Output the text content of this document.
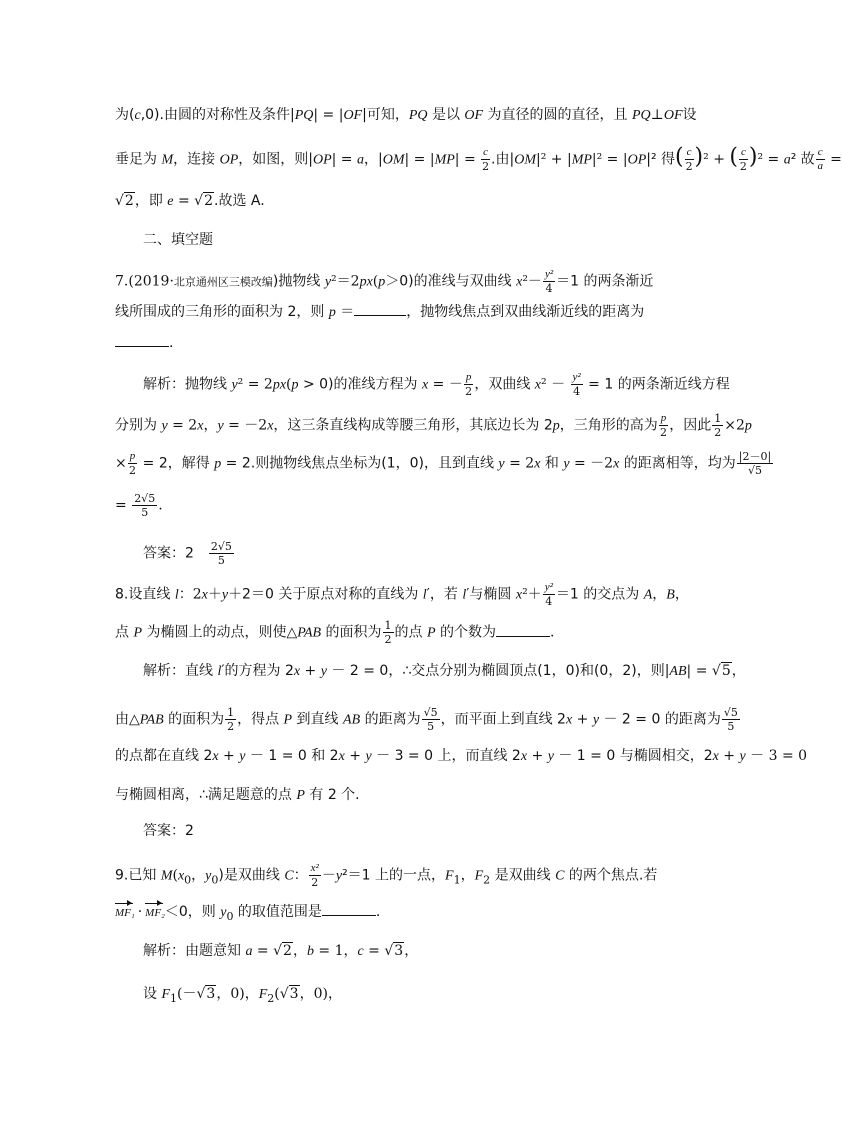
为(c,0).由圆的对称性及条件|PQ| = |OF|可知，PQ 是以 OF 为直径的圆的直径，且 PQ⊥OF设
垂足为 M，连接 OP，如图，则|OP| = a，$|OM| = |MP| = \frac{c}{2}$ .由|OM|² + |MP|² = |OP|² 得( $\frac{c}{2} )^2$ + ( $\frac{c}{2} )^2 = a^2$ 故 $\frac{c}{a}$ =
√2，即 e = √2.故选 A.
二、填空题
7.(2019·北京通州区三模改编)抛物线 y²＝2px(p＞0)的准线与双曲线 $x^2- \frac{\text{y²}}{4} =1$ 的两条渐近
线所围成的三角形的面积为 2，则 p ＝	，抛物线焦点到双曲线渐近线的距离为
.
解析：抛物线 y² = 2px(p > 0)的准线方程为 x = － $\frac{p}{2}$ ，双曲线 $x^2 - \frac{\text{y²}}{4} = 1$ 的两条渐近线方程
分别为 y = 2x，y = －2x，这三条直线构成等腰三角形，其底边长为 2p，三角形的高为 $\frac{p}{2}$ ，因此 $\frac{1}{2} \times 2p$
× $\frac{p}{2} = 2$，解得 p = 2.则抛物线焦点坐标为(1，0)，且到直线 y = 2x 和 y = －2x 的距离相等，均为 $\frac{|2-0|}{√5}$
= $\frac{2√5}{5}$ .
答案：2　 $\frac{2√5}{5}$
8.设直线 l：2x＋y＋2＝0 关于原点对称的直线为 l′，若 l′与椭圆 $x^2+ \frac{\text{y²}}{4} =1$ 的交点为 A，B，
点 P 为椭圆上的动点，则使△PAB 的面积为 $\frac{1}{2}$ 的点 P 的个数为	.
解析：直线 l′的方程为 2x + y － 2 = 0，∴交点分别为椭圆顶点(1，0)和(0，2)，则|AB| = √5，
由△PAB 的面积为 $\frac{1}{2}$ ，得点 P 到直线 AB 的距离为 $\frac{√5}{5}$ ，而平面上到直线 2x + y － 2 = 0 的距离为 $\frac{√5}{5}$
的点都在直线 2x + y － 1 = 0 和 2x + y － 3 = 0 上，而直线 2x + y － 1 = 0 与椭圆相交，2x + y － 3 = 0
与椭圆相离，∴满足题意的点 P 有 2 个.
答案：2
9.已知 $M(x_0$，$y_0$)是双曲线 C： $\frac{\text{x²}}{2} -y^2=1$ 上的一点，$F_1$，$F_2$ 是双曲线 C 的两个焦点.若
MF₁ · MF₂＜0，则 $y_0$ 的取值范围是	.
解析：由题意知 a = √2，b = 1，c = √3，
设 $F_1(-√3$，0)，$F_2(√3$，0)，
